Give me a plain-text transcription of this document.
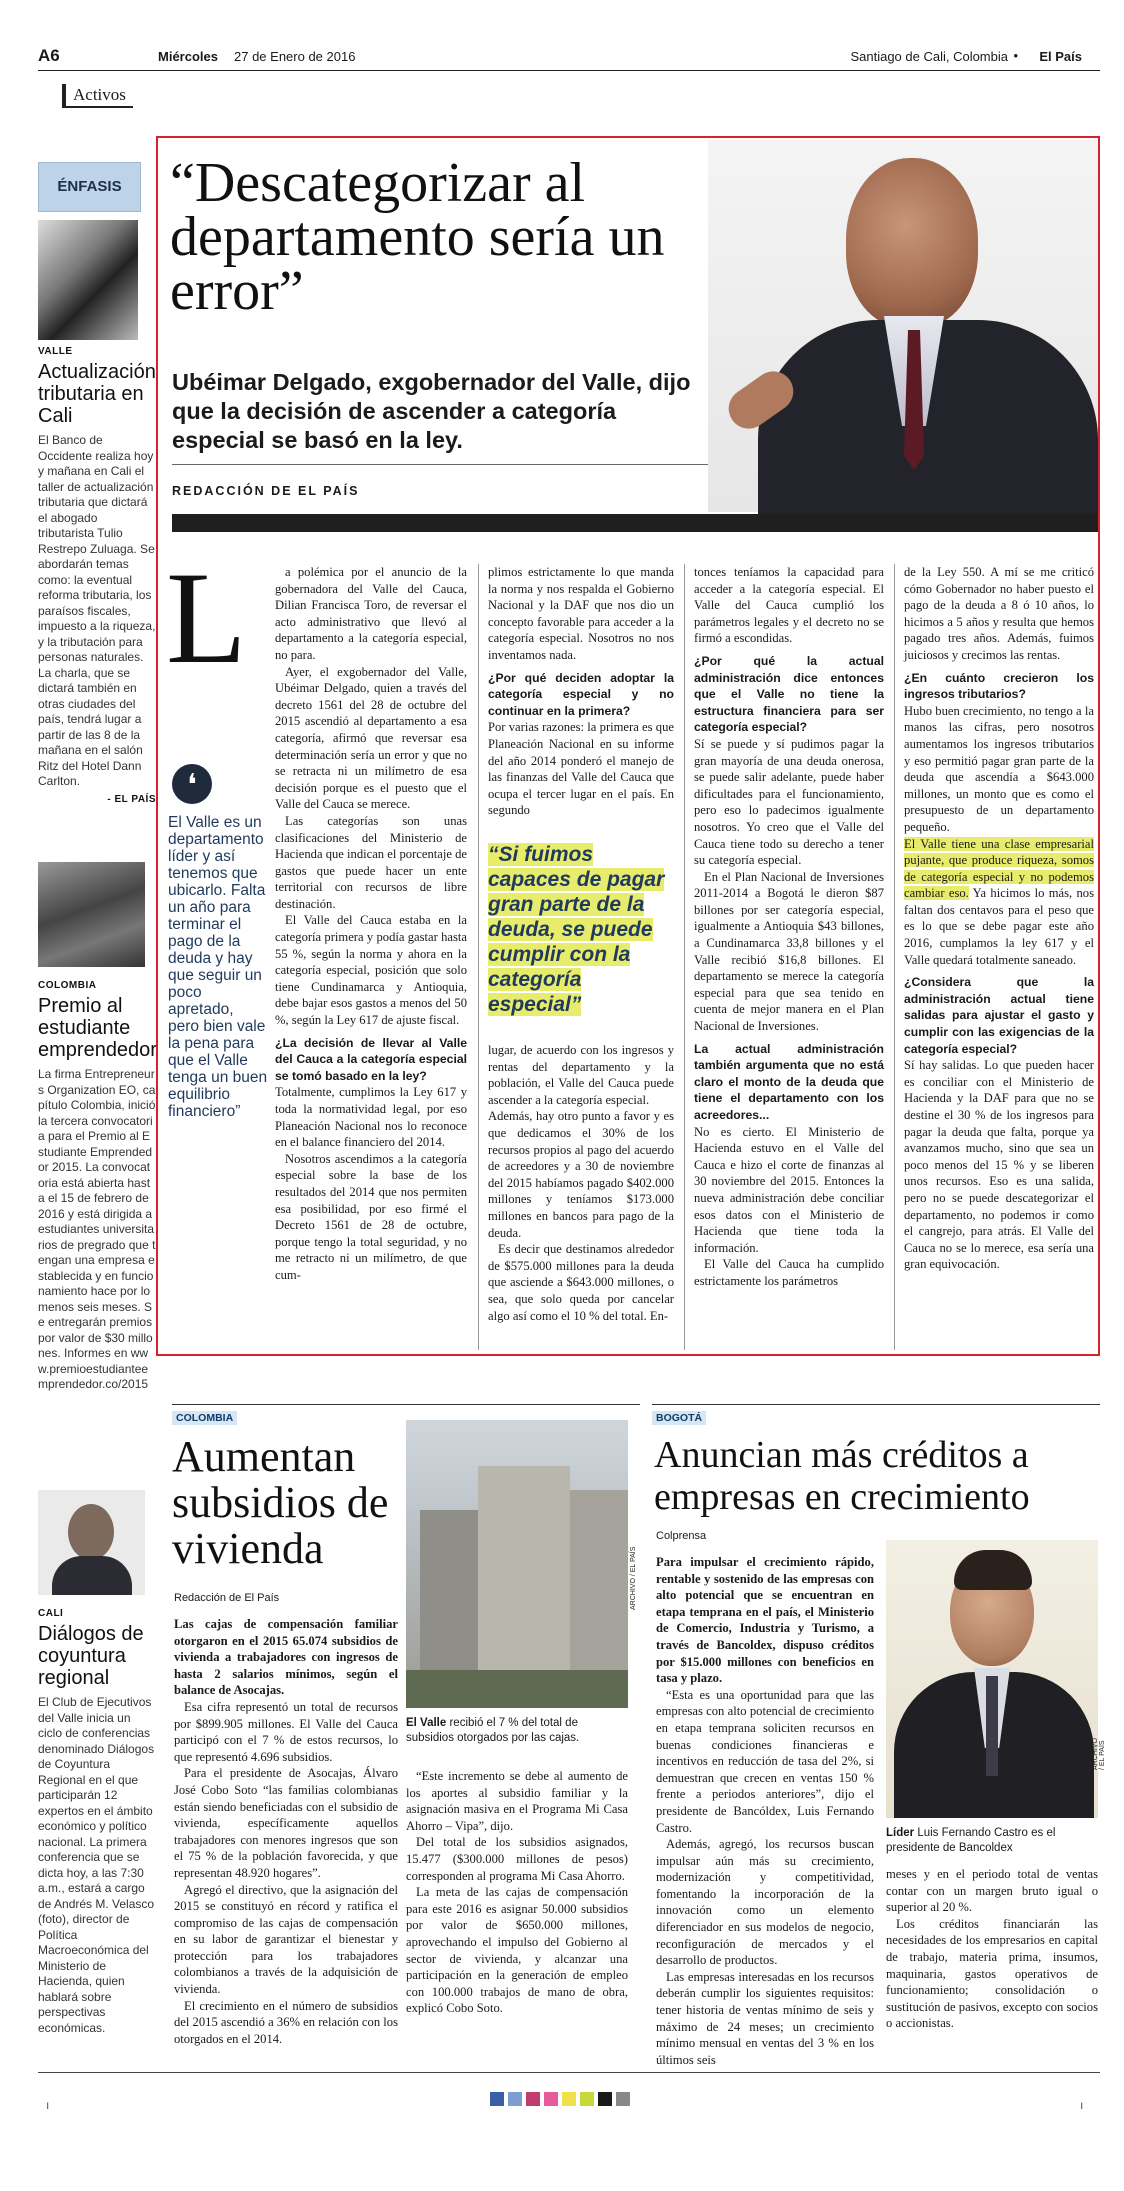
A6	Miércoles 27 de Enero de 2016	Santiago de Cali, Colombia • El País
Activos
ÉNFASIS
VALLE
Actualización tributaria en Cali
El Banco de Occidente realiza hoy y mañana en Cali el taller de actualización tributaria que dictará el abogado tributarista Tulio Restrepo Zuluaga. Se abordarán temas como: la eventual reforma tributaria, los paraísos fiscales, impuesto a la riqueza, y la tributación para personas naturales. La charla, que se dictará también en otras ciudades del país, tendrá lugar a partir de las 8 de la mañana en el salón Ritz del Hotel Dann Carlton.
- EL PAÍS
COLOMBIA
Premio al estudiante emprendedor
La firma Entrepreneurs Organization EO, capítulo Colombia, inició la tercera convocatoria para el Premio al Estudiante Emprendedor 2015. La convocatoria está abierta hasta el 15 de febrero de 2016 y está dirigida a estudiantes universitarios de pregrado que tengan una empresa establecida y en funcionamiento hace por lo menos seis meses. Se entregarán premios por valor de $30 millones. Informes en www.premioestudianteemprendedor.co/2015
CALI
Diálogos de coyuntura regional
El Club de Ejecutivos del Valle inicia un ciclo de conferencias denominado Diálogos de Coyuntura Regional en el que participarán 12 expertos en el ámbito económico y político nacional. La primera conferencia que se dicta hoy, a las 7:30 a.m., estará a cargo de Andrés M. Velasco (foto), director de Política Macroeconómica del Ministerio de Hacienda, quien hablará sobre perspectivas económicas.
“Descategorizar al departamento sería un error”
Ubéimar Delgado, exgobernador del Valle, dijo que la decisión de ascender a categoría especial se basó en la ley.
REDACCIÓN DE EL PAÍS
L
❛
El Valle es un departamento líder y así tenemos que ubicarlo. Falta un año para terminar el pago de la deuda y hay que seguir un poco apretado, pero bien vale la pena para que el Valle tenga un buen equilibrio financiero”

a polémica por el anuncio de la gobernadora del Valle del Cauca, Dilian Francisca Toro, de reversar el acto administrativo que llevó al departamento a la categoría especial, no para.

Ayer, el exgobernador del Valle, Ubéimar Delgado, quien a través del decreto 1561 del 28 de octubre del 2015 ascendió al departamento a esa categoría, afirmó que reversar esa determinación sería un error y que no se retracta ni un milímetro de esa decisión porque es el puesto que el Valle del Cauca se merece.

Las categorías son unas clasificaciones del Ministerio de Hacienda que indican el porcentaje de gastos que puede hacer un ente territorial con recursos de libre destinación.

El Valle del Cauca estaba en la categoría primera y podía gastar hasta 55 %, según la norma y ahora en la categoría especial, posición que solo tiene Cundinamarca y Antioquia, debe bajar esos gastos a menos del 50 %, según la Ley 617 de ajuste fiscal.

¿La decisión de llevar al Valle del Cauca a la categoría especial se tomó basado en la ley?

Totalmente, cumplimos la Ley 617 y toda la normatividad legal, por eso Planeación Nacional nos lo reconoce en el balance financiero del 2014.

Nosotros ascendimos a la categoría especial sobre la base de los resultados del 2014 que nos permiten esa posibilidad, por eso firmé el Decreto 1561 de 28 de octubre, porque tengo la total seguridad, y no me retracto ni un milímetro, de que cum-

plimos estrictamente lo que manda la norma y nos respalda el Gobierno Nacional y la DAF que nos dio un concepto favorable para acceder a la categoría especial. Nosotros no nos inventamos nada.

¿Por qué deciden adoptar la categoría especial y no continuar en la primera?

Por varias razones: la primera es que Planeación Nacional en su informe del año 2014 ponderó el manejo de las finanzas del Valle del Cauca que ocupa el tercer lugar en el país. En segundo

“Si fuimos capaces de pagar gran parte de la deuda, se puede cumplir con la categoría especial”

lugar, de acuerdo con los ingresos y rentas del departamento y la población, el Valle del Cauca puede ascender a la categoría especial.

Además, hay otro punto a favor y es que dedicamos el 30% de los recursos propios al pago del acuerdo de acreedores y a 30 de noviembre del 2015 habíamos pagado $402.000 millones y teníamos $173.000 millones en bancos para pago de la deuda.

Es decir que destinamos alrededor de $575.000 millones para la deuda que asciende a $643.000 millones, o sea, que solo queda por cancelar algo así como el 10 % del total. En-

tonces teníamos la capacidad para acceder a la categoría especial. El Valle del Cauca cumplió los parámetros legales y el decreto no se firmó a escondidas.

¿Por qué la actual administración dice entonces que el Valle no tiene la estructura financiera para ser categoría especial?

Sí se puede y sí pudimos pagar la gran mayoría de una deuda onerosa, se puede salir adelante, puede haber dificultades para el funcionamiento, pero eso lo padecimos igualmente nosotros. Yo creo que el Valle del Cauca tiene todo su derecho a tener su categoría especial.

En el Plan Nacional de Inversiones 2011-2014 a Bogotá le dieron $87 billones por ser categoría especial, igualmente a Antioquia $43 billones, a Cundinamarca 33,8 billones y el Valle recibió $16,8 billones. El departamento se merece la categoría especial para que sea tenido en cuenta de mejor manera en el Plan Nacional de Inversiones.

La actual administración también argumenta que no está claro el monto de la deuda que tiene el departamento con los acreedores...

No es cierto. El Ministerio de Hacienda estuvo en el Valle del Cauca e hizo el corte de finanzas al 30 noviembre del 2015. Entonces la nueva administración debe conciliar esos datos con el Ministerio de Hacienda que tiene toda la información.

El Valle del Cauca ha cumplido estrictamente los parámetros

de la Ley 550. A mí se me criticó cómo Gobernador no haber puesto el pago de la deuda a 8 ó 10 años, lo hicimos a 5 años y resulta que hemos pagado tres años. Además, fuimos juiciosos y crecimos las rentas.

¿En cuánto crecieron los ingresos tributarios?

Hubo buen crecimiento, no tengo a la manos las cifras, pero nosotros aumentamos los ingresos tributarios y eso permitió pagar gran parte de la deuda que ascendía a $643.000 millones, un monto que es como el presupuesto de un departamento pequeño.

El Valle tiene una clase empresarial pujante, que produce riqueza, somos de categoría especial y no podemos cambiar eso. Ya hicimos lo más, nos faltan dos centavos para el peso que es lo que se debe pagar este año 2016, cumplamos la ley 617 y el Valle quedará totalmente saneado.

¿Considera que la administración actual tiene salidas para ajustar el gasto y cumplir con las exigencias de la categoría especial?

Sí hay salidas. Lo que pueden hacer es conciliar con el Ministerio de Hacienda y la DAF para que no se destine el 30 % de los ingresos para pagar la deuda que falta, porque ya avanzamos mucho, sino que sea un poco menos del 15 % y se liberen unos recursos. Eso es una salida, pero no se puede descategorizar el departamento, no podemos ir como el cangrejo, para atrás. El Valle del Cauca no se lo merece, esa sería una gran equivocación.

COLOMBIA
Aumentan subsidios de vivienda
Redacción de El País	ARCHIVO / EL PAÍS
El Valle recibió el 7 % del total de subsidios otorgados por las cajas.

Las cajas de compensación familiar otorgaron en el 2015 65.074 subsidios de vivienda a trabajadores con ingresos de hasta 2 salarios mínimos, según el balance de Asocajas.

Esa cifra representó un total de recursos por $899.905 millones. El Valle del Cauca participó con el 7 % de estos recursos, lo que representó 4.696 subsidios.

Para el presidente de Asocajas, Álvaro José Cobo Soto “las familias colombianas están siendo beneficiadas con el subsidio de vivienda, específicamente aquellos trabajadores con menores ingresos que son el 75 % de la población favorecida, y que representan 48.920 hogares”.

Agregó el directivo, que la asignación del 2015 se constituyó en récord y ratifica el compromiso de las cajas de compensación en su labor de garantizar el bienestar y protección para los trabajadores colombianos a través de la adquisición de vivienda.

El crecimiento en el número de subsidios del 2015 ascendió a 36% en relación con los otorgados en el 2014.

“Este incremento se debe al aumento de los aportes al subsidio familiar y la asignación masiva en el Programa Mi Casa Ahorro – Vipa”, dijo.

Del total de los subsidios asignados, 15.477 ($300.000 millones de pesos) corresponden al programa Mi Casa Ahorro.

La meta de las cajas de compensación para este 2016 es asignar 50.000 subsidios por valor de $650.000 millones, aprovechando el impulso del Gobierno al sector de vivienda, y alcanzar una participación en la generación de empleo con 100.000 trabajos de mano de obra, explicó Cobo Soto.

BOGOTÁ
Anuncian más créditos a empresas en crecimiento
Colprensa

Para impulsar el crecimiento rápido, rentable y sostenido de las empresas con alto potencial que se encuentran en etapa temprana en el país, el Ministerio de Comercio, Industria y Turismo, a través de Bancoldex, dispuso créditos por $15.000 millones con beneficios en tasa y plazo.

“Esta es una oportunidad para que las empresas con alto potencial de crecimiento en etapa temprana soliciten recursos en buenas condiciones financieras e incentivos en reducción de tasa del 2%, si demuestran que crecen en ventas 150 % frente a periodos anteriores”, dijo el presidente de Bancóldex, Luis Fernando Castro.

Además, agregó, los recursos buscan impulsar aún más su crecimiento, modernización y competitividad, fomentando la incorporación de la innovación como un elemento diferenciador en sus modelos de negocio, reconfiguración de mercados y el desarrollo de productos.

Las empresas interesadas en los recursos deberán cumplir los siguientes requisitos: tener historia de ventas mínimo de seis y máximo de 24 meses; un crecimiento mínimo mensual en ventas del 3 % en los últimos seis

ARCHIVO / EL PAÍS
Líder Luis Fernando Castro es el presidente de Bancoldex

meses y en el periodo total de ventas contar con un margen bruto igual o superior al 20 %.

Los créditos financiarán las necesidades de los empresarios en capital de trabajo, materia prima, insumos, maquinaria, gastos operativos de funcionamiento; consolidación o sustitución de pasivos, excepto con socios o accionistas.

ı	ı
